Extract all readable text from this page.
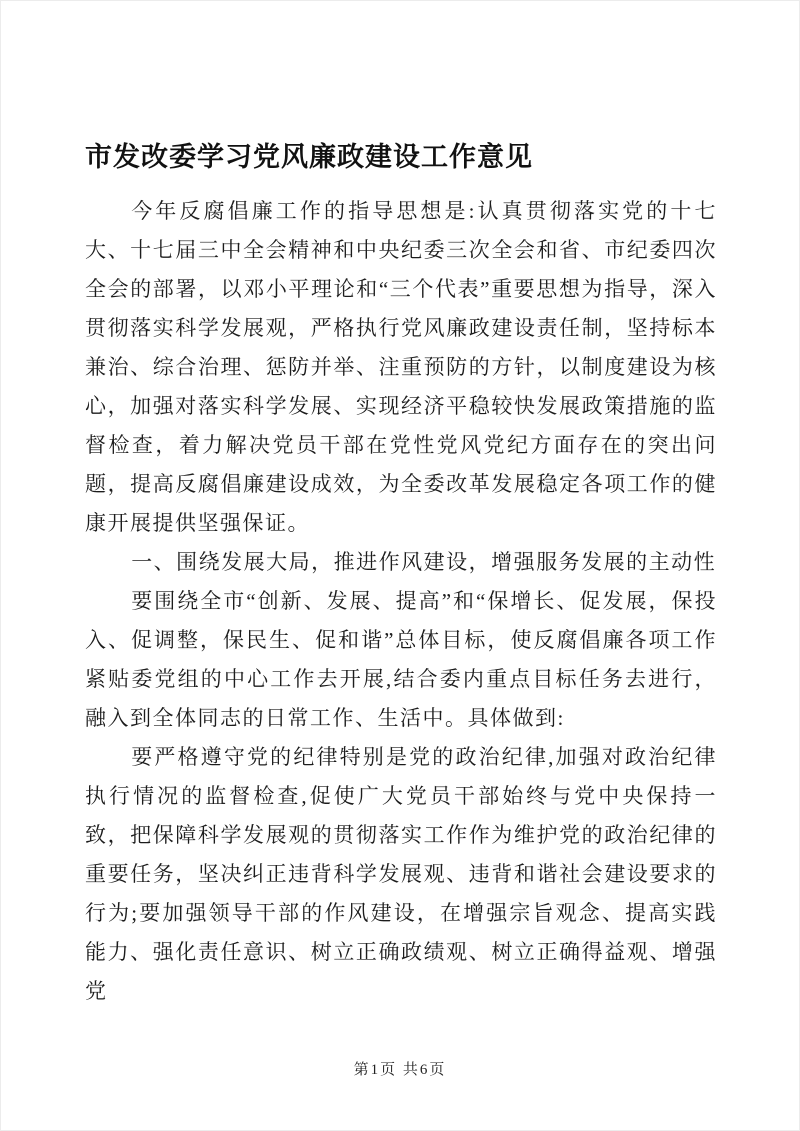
市发改委学习党风廉政建设工作意见

今年反腐倡廉工作的指导思想是:认真贯彻落实党的十七大、十七届三中全会精神和中央纪委三次全会和省、市纪委四次全会的部署，以邓小平理论和“三个代表”重要思想为指导，深入贯彻落实科学发展观，严格执行党风廉政建设责任制，坚持标本兼治、综合治理、惩防并举、注重预防的方针，以制度建设为核心，加强对落实科学发展、实现经济平稳较快发展政策措施的监督检查，着力解决党员干部在党性党风党纪方面存在的突出问题，提高反腐倡廉建设成效，为全委改革发展稳定各项工作的健康开展提供坚强保证。

一、围绕发展大局，推进作风建设，增强服务发展的主动性

要围绕全市“创新、发展、提高”和“保增长、促发展，保投入、促调整，保民生、促和谐”总体目标，使反腐倡廉各项工作紧贴委党组的中心工作去开展,结合委内重点目标任务去进行，融入到全体同志的日常工作、生活中。具体做到:

要严格遵守党的纪律特别是党的政治纪律,加强对政治纪律执行情况的监督检查,促使广大党员干部始终与党中央保持一致，把保障科学发展观的贯彻落实工作作为维护党的政治纪律的重要任务，坚决纠正违背科学发展观、违背和谐社会建设要求的行为;要加强领导干部的作风建设，在增强宗旨观念、提高实践能力、强化责任意识、树立正确政绩观、树立正确得益观、增强党

第1页 共6页
